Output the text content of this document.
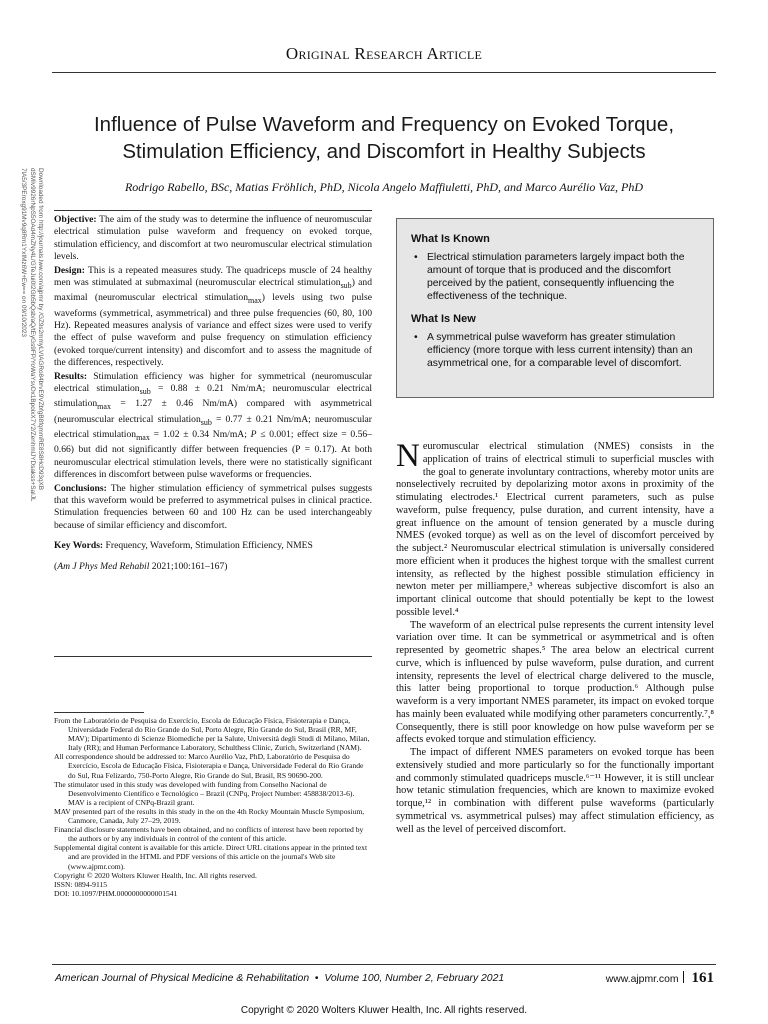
Original Research Article
Influence of Pulse Waveform and Frequency on Evoked Torque,
Stimulation Efficiency, and Discomfort in Healthy Subjects
Rodrigo Rabello, BSc, Matias Fröhlich, PhD, Nicola Angelo Maffiuletti, PhD, and Marco Aurélio Vaz, PhD
Downloaded from http://journals.lww.com/ajpmr by /GZ9s2mmyLVIAGRo84brvE9VZbfgB8fqmmRE8S8HcD93qXB
dSMIv9926rNpS5OAd4mZNy4L/GTeJui0I2Gb5bQsb/aQ/tEyGs9FP/YoWaYsvDx1BpoixX7Y2/ZenhmlJYDsakss+SaIJL
7lA5/3PEroxg91Mv9q8Rm1YxIMz6W+Ew== on 09/10/2023	Objective: The aim of the study was to determine the influence of neuromuscular electrical stimulation pulse waveform and frequency on evoked torque, stimulation efficiency, and discomfort at two neuromuscular electrical stimulation levels.

Design: This is a repeated measures study. The quadriceps muscle of 24 healthy men was stimulated at submaximal (neuromuscular electrical stimulation$_{sub}$) and maximal (neuromuscular electrical stimulation$_{max}$) levels using two pulse waveforms (symmetrical, asymmetrical) and three pulse frequencies (60, 80, 100 Hz). Repeated measures analysis of variance and effect sizes were used to verify the effect of pulse waveform and pulse frequency on stimulation efficiency (evoked torque/current intensity) and discomfort and to assess the magnitude of the differences, respectively.

Results: Stimulation efficiency was higher for symmetrical (neuromuscular electrical stimulation$_{sub}$ = 0.88 ± 0.21 Nm/mA; neuromuscular electrical stimulation$_{max}$ = 1.27 ± 0.46 Nm/mA) compared with asymmetrical (neuromuscular electrical stimulation$_{sub}$ = 0.77 ± 0.21 Nm/mA; neuromuscular electrical stimulation$_{max}$ = 1.02 ± 0.34 Nm/mA; P ≤ 0.001; effect size = 0.56–0.66) but did not significantly differ between frequencies (P = 0.17). At both neuromuscular electrical stimulation levels, there were no statistically significant differences in discomfort between pulse waveforms or frequencies.

Conclusions: The higher stimulation efficiency of symmetrical pulses suggests that this waveform would be preferred to asymmetrical pulses in clinical practice. Stimulation frequencies between 60 and 100 Hz can be used interchangeably because of similar efficiency and discomfort.

Key Words: Frequency, Waveform, Stimulation Efficiency, NMES

(Am J Phys Med Rehabil 2021;100:161–167)

What Is Known
• Electrical stimulation parameters largely impact both the amount of torque that is produced and the discomfort perceived by the patient, consequently influencing the effectiveness of the technique.
What Is New
• A symmetrical pulse waveform has greater stimulation efficiency (more torque with less current intensity) than an asymmetrical one, for a comparable level of discomfort.

Neuromuscular electrical stimulation (NMES) consists in the application of trains of electrical stimuli to superficial muscles with the goal to generate involuntary contractions, whereby motor units are nonselectively recruited by depolarizing motor axons in proximity of the stimulating electrodes.¹ Electrical current parameters, such as pulse waveform, pulse frequency, pulse duration, and current intensity, have a great influence on the amount of tension generated by a muscle during NMES (evoked torque) as well as on the level of discomfort perceived by the subject.² Neuromuscular electrical stimulation is universally considered more efficient when it produces the highest torque with the smallest current intensity, as reflected by the highest possible stimulation efficiency in newton meter per milliampere,³ whereas subjective discomfort is also an important clinical outcome that should potentially be kept to the lowest possible level.⁴

The waveform of an electrical pulse represents the current intensity level variation over time. It can be symmetrical or asymmetrical and is often represented by geometric shapes.⁵ The area below an electrical current curve, which is influenced by pulse waveform, pulse duration, and current intensity, represents the level of electrical charge delivered to the muscle, this latter being proportional to torque production.⁶ Although pulse waveform is a very important NMES parameter, its impact on evoked torque has mainly been evaluated while modifying other parameters concurrently.⁷,⁸ Consequently, there is still poor knowledge on how pulse waveform per se affects evoked torque and stimulation efficiency.

The impact of different NMES parameters on evoked torque has been extensively studied and more particularly so for the functionally important and commonly stimulated quadriceps muscle.⁶⁻¹¹ However, it is still unclear how tetanic stimulation frequencies, which are known to maximize evoked torque,¹² in combination with different pulse waveforms (particularly symmetrical vs. asymmetrical pulses) may affect stimulation efficiency, as well as the level of perceived discomfort.

From the Laboratório de Pesquisa do Exercício, Escola de Educação Física, Fisioterapia e Dança, Universidade Federal do Rio Grande do Sul, Porto Alegre, Rio Grande do Sul, Brasil (RR, MF, MAV); Dipartimento di Scienze Biomediche per la Salute, Università degli Studi di Milano, Milan, Italy (RR); and Human Performance Laboratory, Schulthess Clinic, Zurich, Switzerland (NAM).

All correspondence should be addressed to: Marco Aurélio Vaz, PhD, Laboratório de Pesquisa do Exercício, Escola de Educação Física, Fisioterapia e Dança, Universidade Federal do Rio Grande do Sul, Rua Felizardo, 750-Porto Alegre, Rio Grande do Sul, Brasil, RS 90690-200.

The stimulator used in this study was developed with funding from Conselho Nacional de Desenvolvimento Científico e Tecnológico – Brazil (CNPq, Project Number: 458838/2013-6). MAV is a recipient of CNPq-Brazil grant.

MAV presented part of the results in this study in the on the 4th Rocky Mountain Muscle Symposium, Canmore, Canada, July 27–29, 2019.

Financial disclosure statements have been obtained, and no conflicts of interest have been reported by the authors or by any individuals in control of the content of this article.

Supplemental digital content is available for this article. Direct URL citations appear in the printed text and are provided in the HTML and PDF versions of this article on the journal's Web site (www.ajpmr.com).

Copyright © 2020 Wolters Kluwer Health, Inc. All rights reserved.

ISSN: 0894-9115

DOI: 10.1097/PHM.0000000000001541

American Journal of Physical Medicine & Rehabilitation • Volume 100, Number 2, February 2021	www.ajpmr.com 161
Copyright © 2020 Wolters Kluwer Health, Inc. All rights reserved.
